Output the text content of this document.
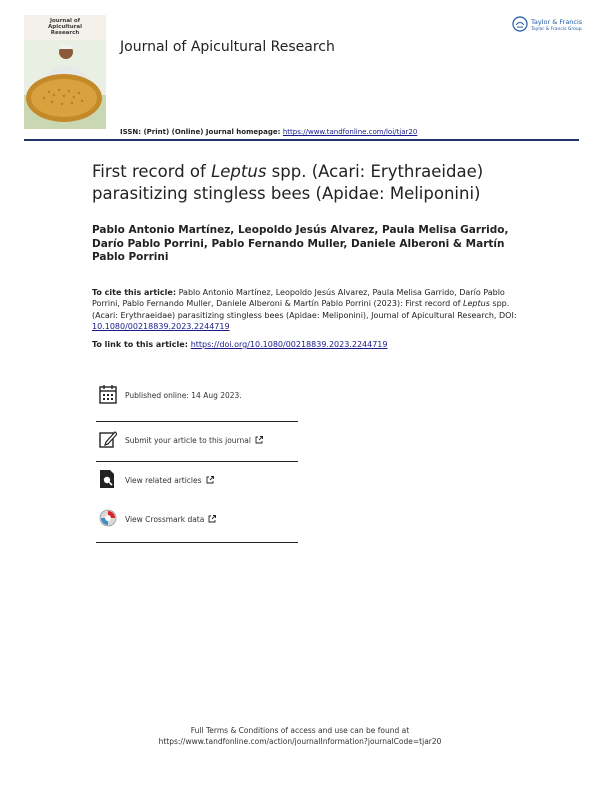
Journal of
Apicultural
Research
Journal of Apicultural Research
Taylor & Francis
Taylor & Francis Group
ISSN: (Print) (Online) Journal homepage: https://www.tandfonline.com/loi/tjar20
First record of Leptus spp. (Acari: Erythraeidae)
parasitizing stingless bees (Apidae: Meliponini)
Pablo Antonio Martínez, Leopoldo Jesús Alvarez, Paula Melisa Garrido, Darío Pablo Porrini, Pablo Fernando Muller, Daniele Alberoni & Martín Pablo Porrini
To cite this article: Pablo Antonio Martínez, Leopoldo Jesús Alvarez, Paula Melisa Garrido, Darío Pablo Porrini, Pablo Fernando Muller, Daniele Alberoni & Martín Pablo Porrini (2023): First record of Leptus spp. (Acari: Erythraeidae) parasitizing stingless bees (Apidae: Meliponini), Journal of Apicultural Research, DOI: 10.1080/00218839.2023.2244719
To link to this article: https://doi.org/10.1080/00218839.2023.2244719
Published online: 14 Aug 2023.
Submit your article to this journal
View related articles
View Crossmark data
Full Terms & Conditions of access and use can be found at
https://www.tandfonline.com/action/journalInformation?journalCode=tjar20
